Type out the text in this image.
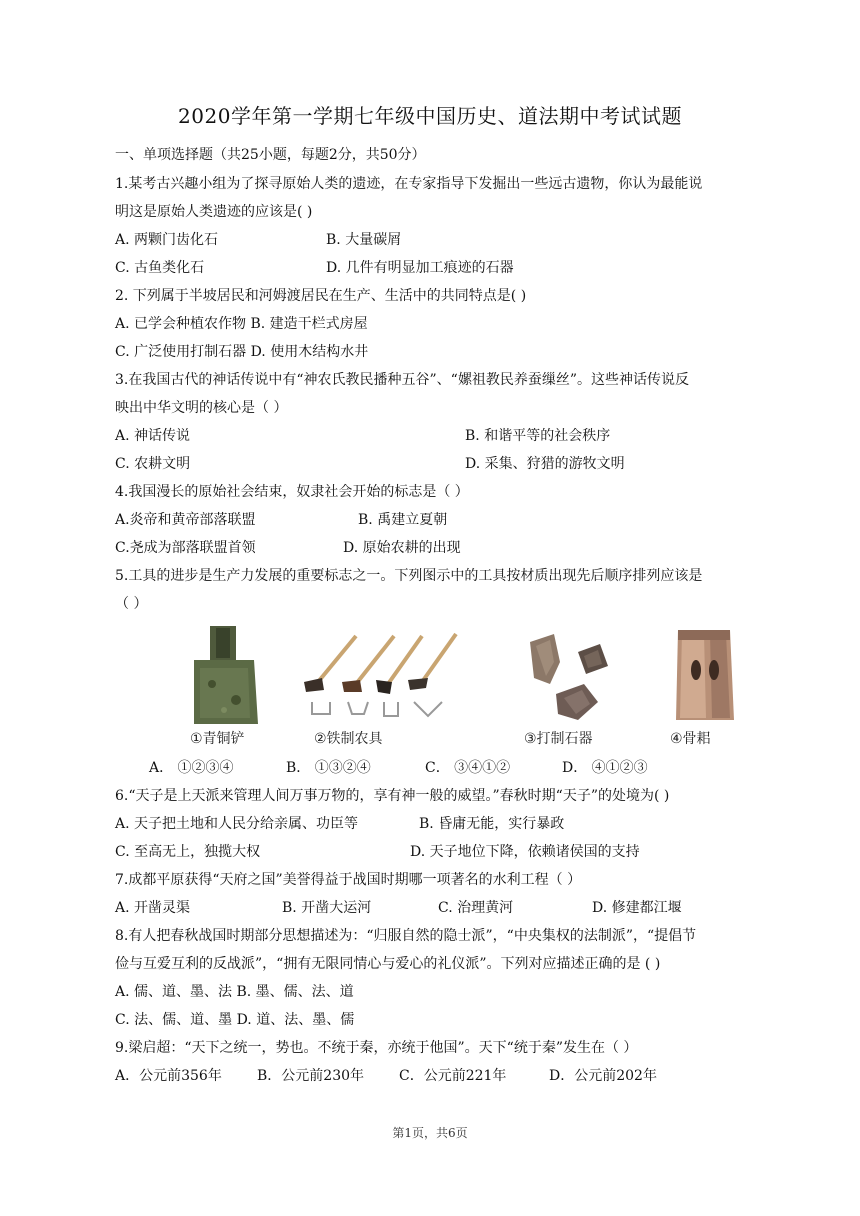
2020学年第一学期七年级中国历史、道法期中考试试题
一、单项选择题（共25小题，每题2分，共50分）
1.某考古兴趣小组为了探寻原始人类的遗迹，在专家指导下发掘出一些远古遗物，你认为最能说
明这是原始人类遗迹的应该是( )
A. 两颗门齿化石	B. 大量碳屑
C. 古鱼类化石	D. 几件有明显加工痕迹的石器
2. 下列属于半坡居民和河姆渡居民在生产、生活中的共同特点是( )
A. 已学会种植农作物 B. 建造干栏式房屋
C. 广泛使用打制石器 D. 使用木结构水井
3.在我国古代的神话传说中有“神农氏教民播种五谷”、“嫘祖教民养蚕缫丝”。这些神话传说反
映出中华文明的核心是（ ）
A. 神话传说	B. 和谐平等的社会秩序
C. 农耕文明	D. 采集、狩猎的游牧文明
4.我国漫长的原始社会结束，奴隶社会开始的标志是（ ）
A.炎帝和黄帝部落联盟	B. 禹建立夏朝
C.尧成为部落联盟首领	D. 原始农耕的出现
5.工具的进步是生产力发展的重要标志之一。下列图示中的工具按材质出现先后顺序排列应该是
（ ）
①青铜铲	②铁制农具	③打制石器	④骨耜
A． ①②③④	B． ①③②④	C． ③④①②	D． ④①②③
6.“天子是上天派来管理人间万事万物的，享有神一般的威望。”春秋时期“天子”的处境为( )
A. 天子把土地和人民分给亲属、功臣等	B. 昏庸无能，实行暴政
C. 至高无上，独揽大权	D. 天子地位下降，依赖诸侯国的支持
7.成都平原获得“天府之国”美誉得益于战国时期哪一项著名的水利工程（ ）
A. 开凿灵渠	B. 开凿大运河	C. 治理黄河	D. 修建都江堰
8.有人把春秋战国时期部分思想描述为：“归服自然的隐士派”，“中央集权的法制派”，“提倡节
俭与互爱互利的反战派”，“拥有无限同情心与爱心的礼仪派”。下列对应描述正确的是 ( )
A. 儒、道、墨、法 B. 墨、儒、法、道
C. 法、儒、道、墨 D. 道、法、墨、儒
9.梁启超：“天下之统一，势也。不统于秦，亦统于他国”。天下“统于秦”发生在（ ）
A．公元前356年	B．公元前230年 C．公元前221年	D．公元前202年
第1页，共6页
